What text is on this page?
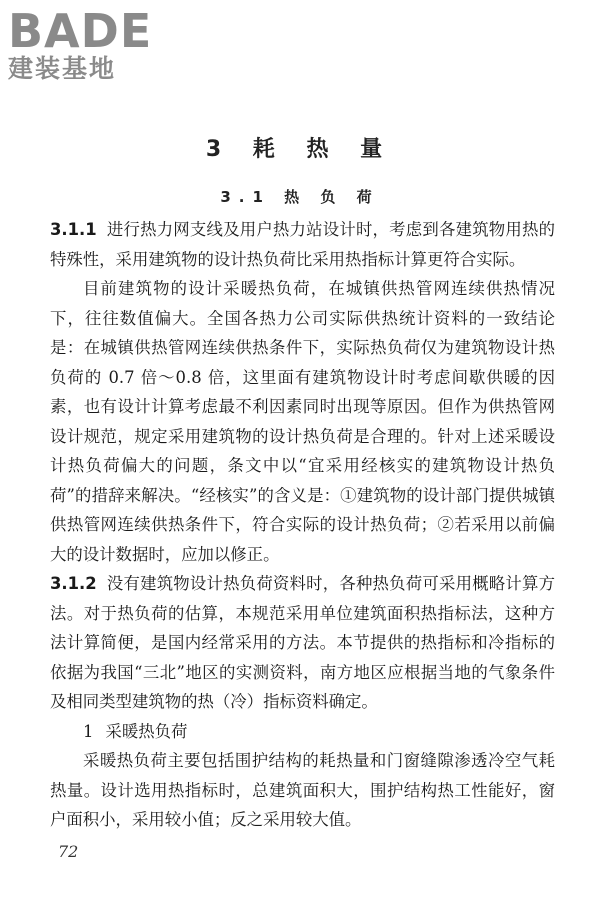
BADE
建装基地
3 耗 热 量
3.1 热 负 荷

3.1.1 进行热力网支线及用户热力站设计时，考虑到各建筑物用热的特殊性，采用建筑物的设计热负荷比采用热指标计算更符合实际。

目前建筑物的设计采暖热负荷，在城镇供热管网连续供热情况下，往往数值偏大。全国各热力公司实际供热统计资料的一致结论是：在城镇供热管网连续供热条件下，实际热负荷仅为建筑物设计热负荷的 0.7 倍～0.8 倍，这里面有建筑物设计时考虑间歇供暖的因素，也有设计计算考虑最不利因素同时出现等原因。但作为供热管网设计规范，规定采用建筑物的设计热负荷是合理的。针对上述采暖设计热负荷偏大的问题，条文中以“宜采用经核实的建筑物设计热负荷”的措辞来解决。“经核实”的含义是：①建筑物的设计部门提供城镇供热管网连续供热条件下，符合实际的设计热负荷；②若采用以前偏大的设计数据时，应加以修正。

3.1.2 没有建筑物设计热负荷资料时，各种热负荷可采用概略计算方法。对于热负荷的估算，本规范采用单位建筑面积热指标法，这种方法计算简便，是国内经常采用的方法。本节提供的热指标和冷指标的依据为我国“三北”地区的实测资料，南方地区应根据当地的气象条件及相同类型建筑物的热（冷）指标资料确定。

1 采暖热负荷

采暖热负荷主要包括围护结构的耗热量和门窗缝隙渗透冷空气耗热量。设计选用热指标时，总建筑面积大，围护结构热工性能好，窗户面积小，采用较小值；反之采用较大值。

72
